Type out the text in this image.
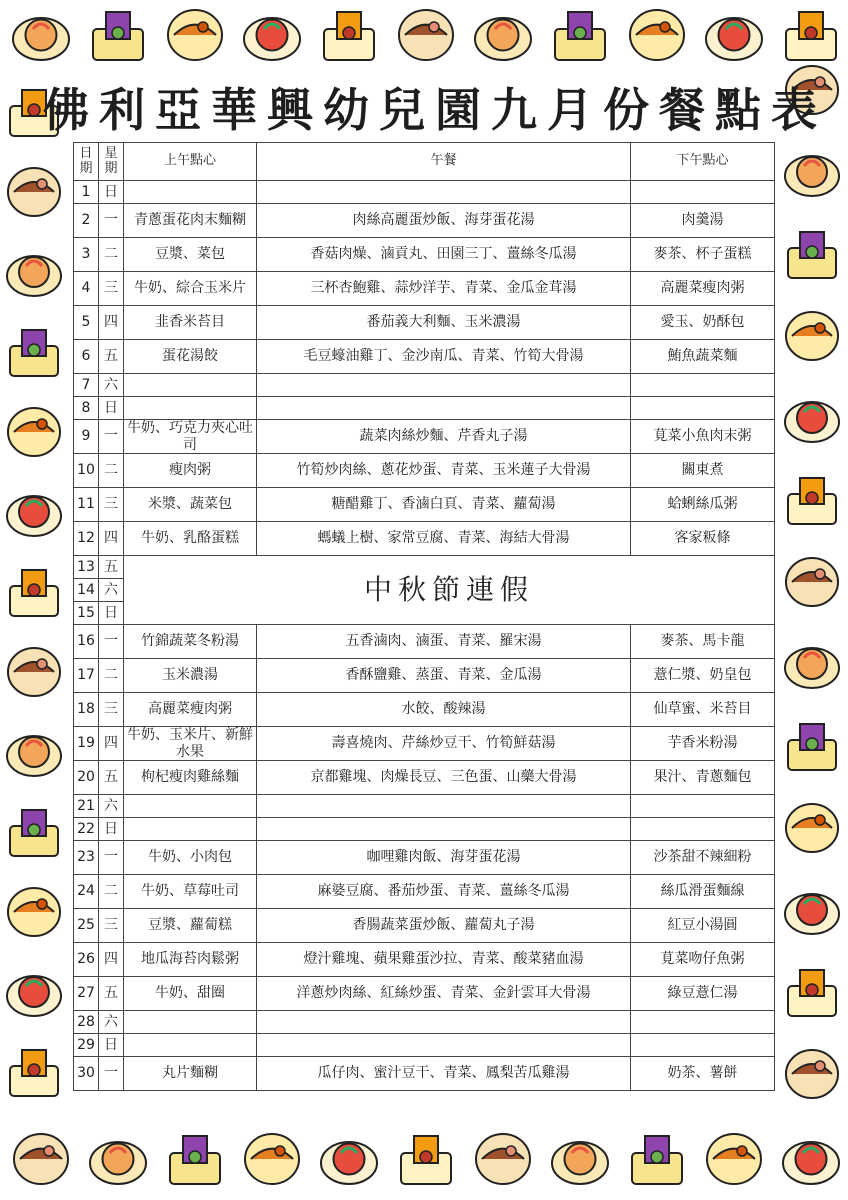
佛利亞華興幼兒園九月份餐點表
日期	星期	上午點心	午餐	下午點心
1	日			
2	一	青蔥蛋花肉末麵糊	肉絲高麗蛋炒飯、海芽蛋花湯	肉羹湯
3	二	豆漿、菜包	香菇肉燥、滷貢丸、田園三丁、薑絲冬瓜湯	麥茶、杯子蛋糕
4	三	牛奶、綜合玉米片	三杯杏鮑雞、蒜炒洋芋、青菜、金瓜金茸湯	高麗菜瘦肉粥
5	四	韭香米苔目	番茄義大利麵、玉米濃湯	愛玉、奶酥包
6	五	蛋花湯餃	毛豆蠔油雞丁、金沙南瓜、青菜、竹筍大骨湯	鮪魚蔬菜麵
7	六			
8	日			
9	一	牛奶、巧克力夾心吐司	蔬菜肉絲炒麵、芹香丸子湯	莧菜小魚肉末粥
10	二	瘦肉粥	竹筍炒肉絲、蔥花炒蛋、青菜、玉米蓮子大骨湯	關東煮
11	三	米漿、蔬菜包	糖醋雞丁、香滷白頁、青菜、蘿蔔湯	蛤蜊絲瓜粥
12	四	牛奶、乳酪蛋糕	螞蟻上樹、家常豆腐、青菜、海結大骨湯	客家粄條
13	五	中秋節連假		
14	六			
15	日			
16	一	竹錦蔬菜冬粉湯	五香滷肉、滷蛋、青菜、羅宋湯	麥茶、馬卡龍
17	二	玉米濃湯	香酥鹽雞、蒸蛋、青菜、金瓜湯	薏仁漿、奶皇包
18	三	高麗菜瘦肉粥	水餃、酸辣湯	仙草蜜、米苔目
19	四	牛奶、玉米片、新鮮水果	壽喜燒肉、芹絲炒豆干、竹筍鮮菇湯	芋香米粉湯
20	五	枸杞瘦肉雞絲麵	京都雞塊、肉燥長豆、三色蛋、山藥大骨湯	果汁、青蔥麵包
21	六			
22	日			
23	一	牛奶、小肉包	咖哩雞肉飯、海芽蛋花湯	沙茶甜不辣細粉
24	二	牛奶、草莓吐司	麻婆豆腐、番茄炒蛋、青菜、薑絲冬瓜湯	絲瓜滑蛋麵線
25	三	豆漿、蘿蔔糕	香腸蔬菜蛋炒飯、蘿蔔丸子湯	紅豆小湯圓
26	四	地瓜海苔肉鬆粥	燈汁雞塊、蘋果雞蛋沙拉、青菜、酸菜豬血湯	莧菜吻仔魚粥
27	五	牛奶、甜圈	洋蔥炒肉絲、紅絲炒蛋、青菜、金針雲耳大骨湯	綠豆薏仁湯
28	六			
29	日			
30	一	丸片麵糊	瓜仔肉、蜜汁豆干、青菜、鳳梨苦瓜雞湯	奶茶、薯餅
